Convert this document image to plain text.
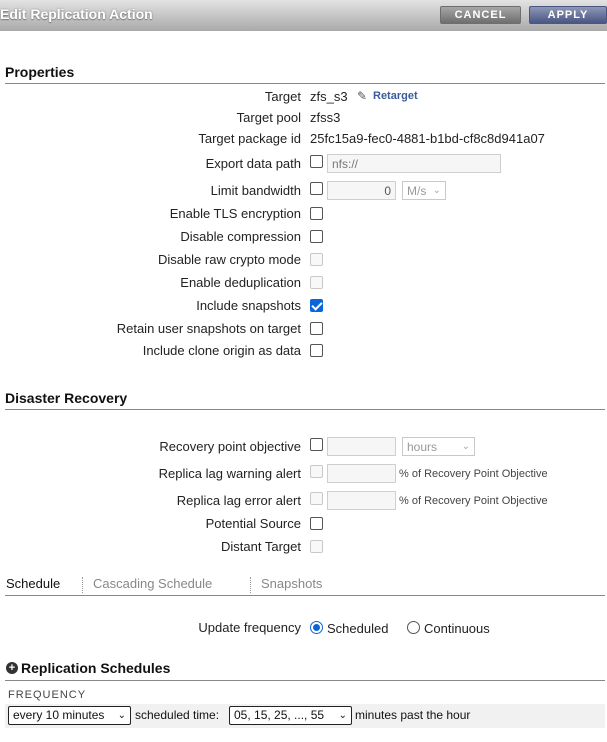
Edit Replication Action	CANCEL	APPLY
Properties
Target zfs_s3 ✎ Retarget
Target pool zfss3
Target package id 25fc15a9-fec0-4881-b1bd-cf8c8d941a07
Export data path	nfs://
Limit bandwidth	0	M/s ⌄
Enable TLS encryption
Disable compression
Disable raw crypto mode
Enable deduplication
Include snapshots
Retain user snapshots on target
Include clone origin as data
Disaster Recovery
Recovery point objective	hours ⌄
Replica lag warning alert	% of Recovery Point Objective
Replica lag error alert	% of Recovery Point Objective
Potential Source
Distant Target
Schedule	Cascading Schedule	Snapshots
Update frequency Scheduled	Continuous
+ Replication Schedules
FREQUENCY
every 10 minutes ⌄ scheduled time:	05, 15, 25, ..., 55 ⌄ minutes past the hour
